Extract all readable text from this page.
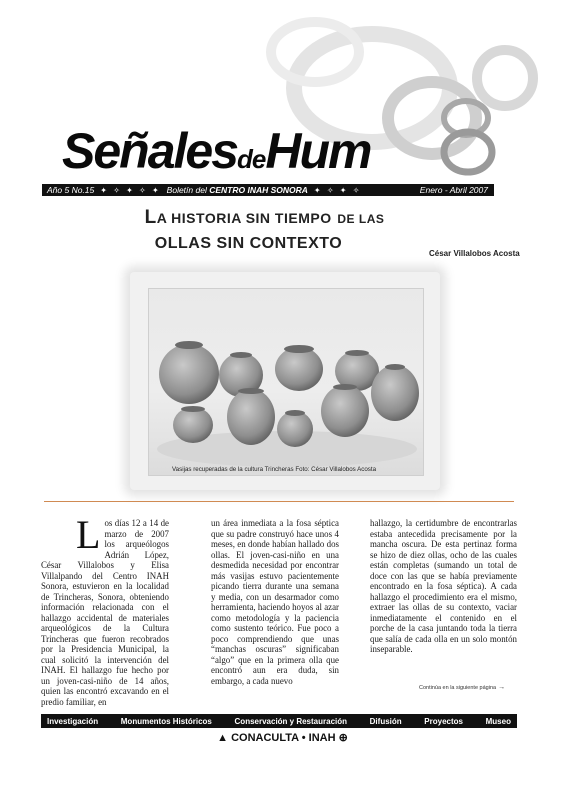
SeñalesdeHum
Año 5 No.15 ✦ ✧ ✦ ✧ ✦ Boletín del CENTRO INAH SONORA ✦ ✧ ✦ ✧	Enero - Abril 2007
LA HISTORIA SIN TIEMPO DE LAS
OLLAS SIN CONTEXTO
César Villalobos Acosta
Vasijas recuperadas de la cultura Trincheras Foto: César Villalobos Acosta
Los días 12 a 14 de marzo de 2007 los arqueólogos Adrián López, César Villalobos y Elisa Villalpando del Centro INAH Sonora, estuvieron en la localidad de Trincheras, Sonora, obteniendo información relacionada con el hallazgo accidental de materiales arqueológicos de la Cultura Trincheras que fueron recobrados por la Presidencia Municipal, la cual solicitó la intervención del INAH. El hallazgo fue hecho por un joven-casi-niño de 14 años, quien las encontró excavando en el predio familiar, en
un área inmediata a la fosa séptica que su padre construyó hace unos 4 meses, en donde habían hallado dos ollas. El joven-casi-niño en una desmedida necesidad por encontrar más vasijas estuvo pacientemente picando tierra durante una semana y media, con un desarmador como herramienta, haciendo hoyos al azar como metodología y la paciencia como sustento teórico. Fue poco a poco comprendiendo que unas “manchas oscuras” significaban “algo” que en la primera olla que encontró aun era duda, sin embargo, a cada nuevo
hallazgo, la certidumbre de encontrarlas estaba antecedida precisamente por la mancha oscura. De esta pertinaz forma se hizo de diez ollas, ocho de las cuales están completas (sumando un total de doce con las que se había previamente encontrado en la fosa séptica). A cada hallazgo el procedimiento era el mismo, extraer las ollas de su contexto, vaciar inmediatamente el contenido en el porche de la casa juntando toda la tierra que salía de cada olla en un solo montón inseparable.
Continúa en la siguiente página →
Investigación	Monumentos Históricos	Conservación y Restauración	Difusión	Proyectos	Museo
▲ CONACULTA • INAH ⊕
